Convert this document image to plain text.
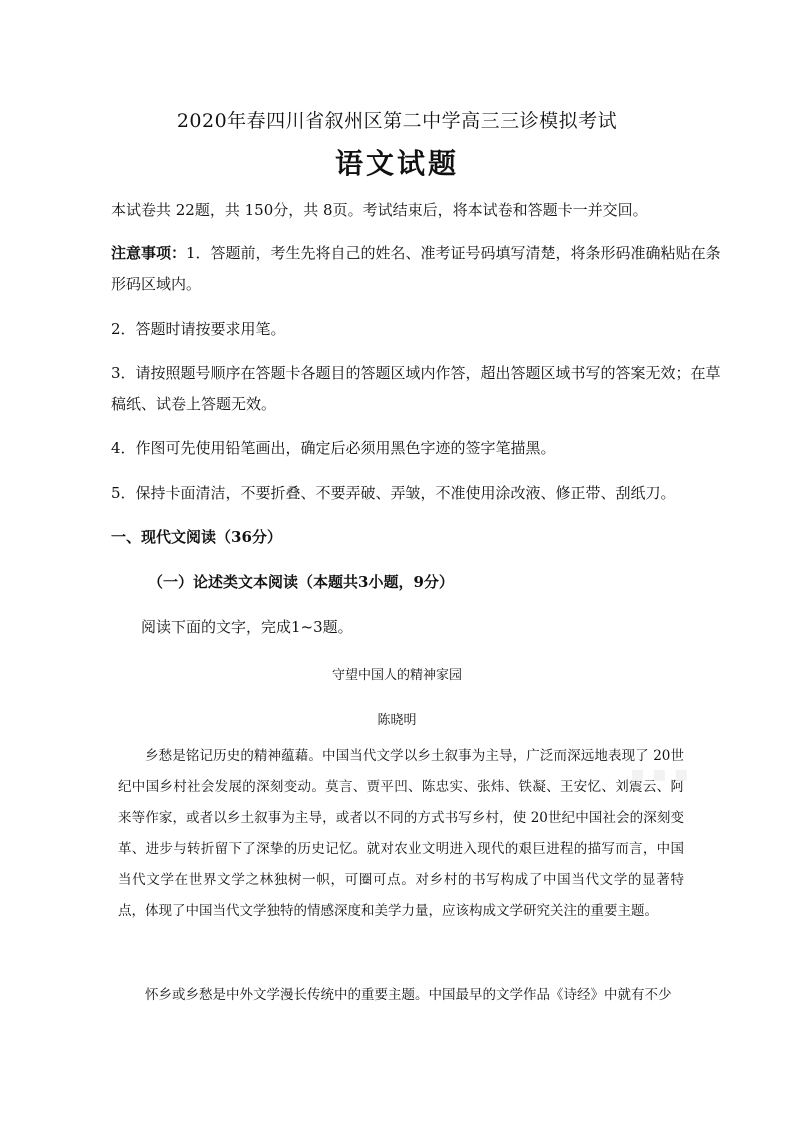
2020年春四川省叙州区第二中学高三三诊模拟考试
语文试题
本试卷共 22题，共 150分，共 8页。考试结束后，将本试卷和答题卡一并交回。
注意事项：1．答题前，考生先将自己的姓名、准考证号码填写清楚，将条形码准确粘贴在条
形码区域内。
2．答题时请按要求用笔。
3．请按照题号顺序在答题卡各题目的答题区域内作答，超出答题区域书写的答案无效；在草
稿纸、试卷上答题无效。
4．作图可先使用铅笔画出，确定后必须用黑色字迹的签字笔描黑。
5．保持卡面清洁，不要折叠、不要弄破、弄皱，不准使用涂改液、修正带、刮纸刀。
一、现代文阅读（36分）
（一）论述类文本阅读（本题共3小题，9分）
阅读下面的文字，完成1~3题。
守望中国人的精神家园
陈晓明
乡愁是铭记历史的精神蕴藉。中国当代文学以乡土叙事为主导，广泛而深远地表现了 20世纪中国乡村社会发展的深刻变动。莫言、贾平凹、陈忠实、张炜、铁凝、王安忆、刘震云、阿来等作家，或者以乡土叙事为主导，或者以不同的方式书写乡村，使 20世纪中国社会的深刻变革、进步与转折留下了深挚的历史记忆。就对农业文明进入现代的艰巨进程的描写而言，中国当代文学在世界文学之林独树一帜，可圈可点。对乡村的书写构成了中国当代文学的显著特点，体现了中国当代文学独特的情感深度和美学力量，应该构成文学研究关注的重要主题。
怀乡或乡愁是中外文学漫长传统中的重要主题。中国最早的文学作品《诗经》中就有不少
▪ ▪ ▪
